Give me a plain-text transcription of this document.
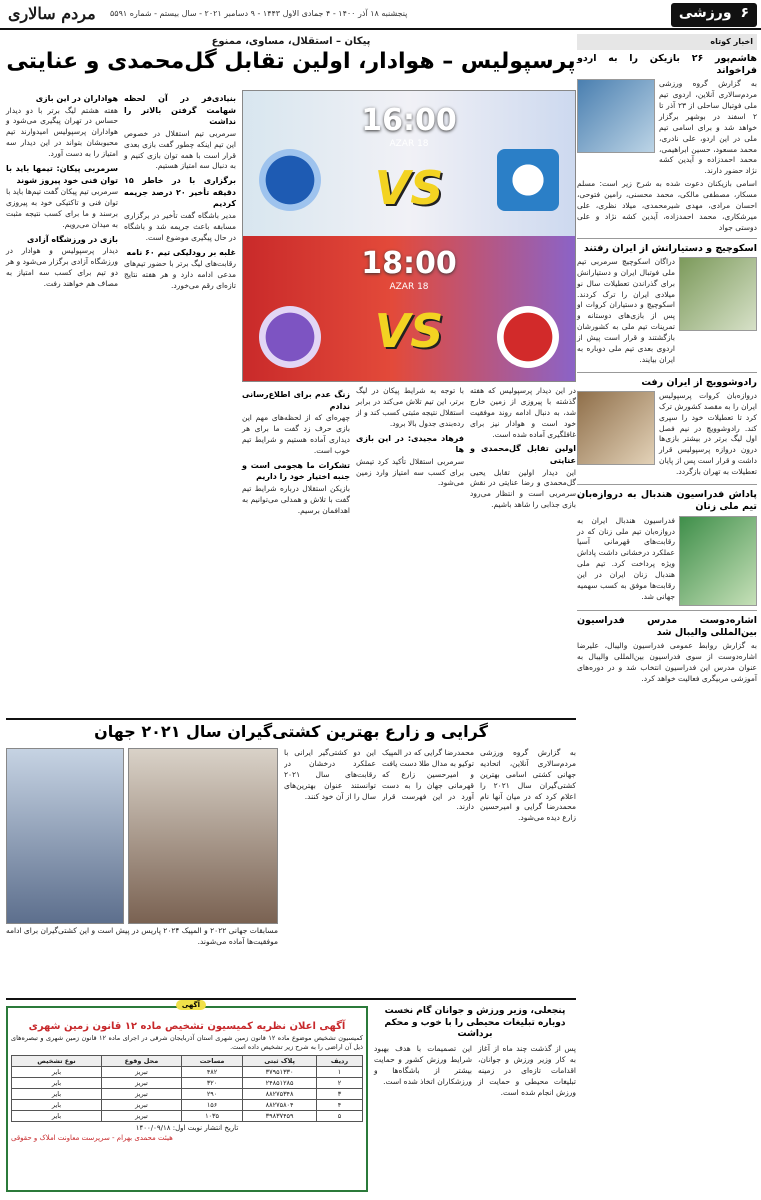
۶ ورزشی
پنجشنبه ۱۸ آذر ۱۴۰۰ - ۴ جمادی الاول ۱۴۴۳ - ۹ دسامبر ۲۰۲۱ - سال بیستم - شماره ۵۵۹۱
مردم سالاری
اخبار کوتاه
هاشم‌پور ۲۶ بازیکن را به اردو فراخواند

به گزارش گروه ورزشی مردم‌سالاری آنلاین، اردوی تیم ملی فوتبال ساحلی از ۲۳ آذر تا ۲ اسفند در بوشهر برگزار خواهد شد و برای اسامی تیم ملی در این اردو، علی نادری، محمد مسعود، حسین ابراهیمی، محمد احمدزاده و آیدین کشه نژاد حضور دارند.

اسامی بازیکنان دعوت شده به شرح زیر است: مسلم مسکار، مصطفی مالکی، محمد محسنی، رامین فتوحی، احسان مرادی، مهدی شیرمحمدی، میلاد نظری، علی میرشکاری، محمد احمدزاده، آیدین کشه نژاد و علی دوستی جواد

اسکوچیچ و دستیارانش از ایران رفتند

دراگان اسکوچیچ سرمربی تیم ملی فوتبال ایران و دستیارانش برای گذراندن تعطیلات سال نو میلادی ایران را ترک کردند. اسکوچیچ و دستیاران کروات او پس از بازی‌های دوستانه و تمرینات تیم ملی به کشورشان بازگشتند و قرار است پیش از اردوی بعدی تیم ملی دوباره به ایران بیایند.

رادوشوویچ از ایران رفت

دروازه‌بان کروات پرسپولیس ایران را به مقصد کشورش ترک کرد تا تعطیلات خود را سپری کند. رادوشوویچ در نیم فصل اول لیگ برتر در بیشتر بازی‌ها درون دروازه پرسپولیس قرار داشت و قرار است پس از پایان تعطیلات به تهران بازگردد.

پاداش فدراسیون هندبال به دروازه‌بان تیم ملی زنان

فدراسیون هندبال ایران به دروازه‌بان تیم ملی زنان که در رقابت‌های قهرمانی آسیا عملکرد درخشانی داشت پاداش ویژه پرداخت کرد. تیم ملی هندبال زنان ایران در این رقابت‌ها موفق به کسب سهمیه جهانی شد.

اشاره‌دوست مدرس فدراسیون بین‌المللی والیبال شد

به گزارش روابط عمومی فدراسیون والیبال، علیرضا اشاره‌دوست از سوی فدراسیون بین‌المللی والیبال به عنوان مدرس این فدراسیون انتخاب شد و در دوره‌های آموزشی مربیگری فعالیت خواهد کرد.

پیکان – استقلال، مساوی، ممنوع
پرسپولیس – هوادار، اولین تقابل گل‌محمدی و عنایتی
16:00
18 AZAR
VS
18:00
18 AZAR
VS
هواداران در این بازی

هفته هشتم لیگ برتر با دو دیدار حساس در تهران پیگیری می‌شود و هواداران پرسپولیس امیدوارند تیم محبوبشان بتواند در این دیدار سه امتیاز را به دست آورد.

سرمربی پیکان: تیمها باید با توان فنی خود پیروز شوند

سرمربی تیم پیکان گفت تیم‌ها باید با توان فنی و تاکتیکی خود به پیروزی برسند و ما برای کسب نتیجه مثبت به میدان می‌رویم.

بازی در ورزشگاه آزادی

دیدار پرسپولیس و هوادار در ورزشگاه آزادی برگزار می‌شود و هر دو تیم برای کسب سه امتیاز به مصاف هم خواهند رفت.

بنیادی‌فر در آن لحظه شهامت گرفتن بالاتر را نداشت

سرمربی تیم استقلال در خصوص این تیم اینکه چطور گفت بازی بعدی قرار است با همه توان بازی کنیم و به دنبال سه امتیاز هستیم.

برگزاری با در خاطر ۱۵ دقیقه تأخیر ۲۰ درصد جریمه کردیم

مدیر باشگاه گفت تأخیر در برگزاری مسابقه باعث جریمه شد و باشگاه در حال پیگیری موضوع است.

غلبه بر رودلیکی تیم ۶۰ نامه

رقابت‌های لیگ برتر با حضور تیم‌های مدعی ادامه دارد و هر هفته نتایج تازه‌ای رقم می‌خورد.

زنگ عدم برای اطلاع‌رسانی ندادم

چهره‌ای که از لحظه‌های مهم این بازی حرف زد گفت ما برای هر دیداری آماده هستیم و شرایط تیم خوب است.

تشکرات ما هجومی است و جنبه اختیار خود را داریم

بازیکن استقلال درباره شرایط تیم گفت با تلاش و همدلی می‌توانیم به اهدافمان برسیم.

با توجه به شرایط پیکان در لیگ برتر، این تیم تلاش می‌کند در برابر استقلال نتیجه مثبتی کسب کند و از رده‌بندی جدول بالا برود.

فرهاد مجیدی: در این بازی ها

سرمربی استقلال تأکید کرد تیمش برای کسب سه امتیاز وارد زمین می‌شود.

در این دیدار پرسپولیس که هفته گذشته با پیروزی از زمین خارج شد، به دنبال ادامه روند موفقیت خود است و هوادار نیز برای غافلگیری آماده شده است.

اولین تقابل گل‌محمدی و عنایتی

این دیدار اولین تقابل یحیی گل‌محمدی و رضا عنایتی در نقش سرمربی است و انتظار می‌رود بازی جذابی را شاهد باشیم.

گرایی و زارع بهترین کشتی‌گیران سال ۲۰۲۱ جهان
این دو کشتی‌گیر ایرانی با عملکرد درخشان در رقابت‌های سال ۲۰۲۱ توانستند عنوان بهترین‌های سال را از آن خود کنند.
محمدرضا گرایی که در المپیک توکیو به مدال طلا دست یافت و امیرحسین زارع که قهرمانی جهان را به دست آورد در این فهرست قرار دارند.
به گزارش گروه ورزشی مردم‌سالاری آنلاین، اتحادیه جهانی کشتی اسامی بهترین کشتی‌گیران سال ۲۰۲۱ را اعلام کرد که در میان آنها نام محمدرضا گرایی و امیرحسین زارع دیده می‌شود.
مسابقات جهانی ۲۰۲۲ و المپیک ۲۰۲۴ پاریس در پیش است و این کشتی‌گیران برای ادامه موفقیت‌ها آماده می‌شوند.
آگهی
آگهی اعلان نظریه کمیسیون تشخیص ماده ۱۲ قانون زمین شهری
کمیسیون تشخیص موضوع ماده ۱۲ قانون زمین شهری استان آذربایجان شرقی در اجرای ماده ۱۲ قانون زمین شهری و تبصره‌های ذیل آن اراضی را به شرح زیر تشخیص داده است.
ردیف	پلاک ثبتی	مساحت	محل وقوع	نوع تشخیص
۱	۳۷۹۵۱۳۳۰	۴۸۲	تبریز	بایر
۲	۲۴۸۵۱۲۸۵	۳۲۰	تبریز	بایر
۳	۸۸۲۷۵۳۴۸	۲۹۰	تبریز	بایر
۴	۸۸۲۷۵۸۰۴	۱۵۶	تبریز	بایر
۵	۳۹۸۳۷۴۵۹	۱۰۳۵	تبریز	بایر
تاریخ انتشار نوبت اول: ۱۴۰۰/۰۹/۱۸
هیئت محمدی بهرام - سرپرست معاونت املاک و حقوقی
پنجعلی، وزیر ورزش و جوانان گام نخست دوباره تبلیغات محیطی را با خوب و محکم برداشت
پس از گذشت چند ماه از آغاز به کار وزیر ورزش و جوانان، اقدامات تازه‌ای در زمینه تبلیغات محیطی و حمایت از ورزش انجام شده است.
این تصمیمات با هدف بهبود شرایط ورزش کشور و حمایت بیشتر از باشگاه‌ها و ورزشکاران اتخاذ شده است.
